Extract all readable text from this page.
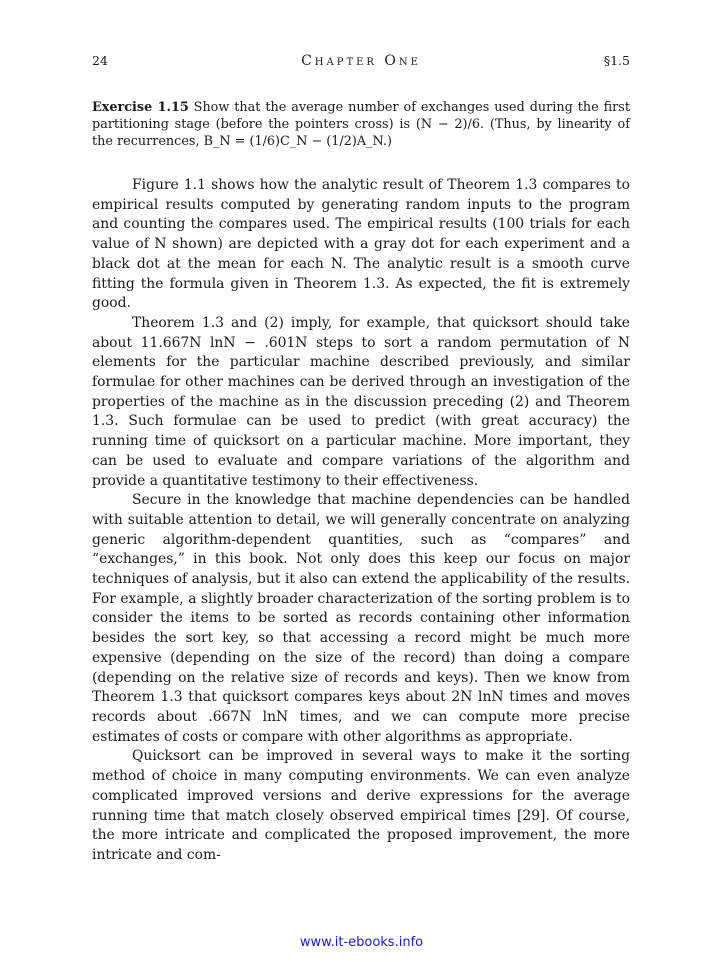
24	Chapter One	§1.5
Exercise 1.15 Show that the average number of exchanges used during the first partitioning stage (before the pointers cross) is (N − 2)/6. (Thus, by linearity of the recurrences, B_N = (1/6)C_N − (1/2)A_N.)

Figure 1.1 shows how the analytic result of Theorem 1.3 compares to empirical results computed by generating random inputs to the program and counting the compares used. The empirical results (100 trials for each value of N shown) are depicted with a gray dot for each experiment and a black dot at the mean for each N. The analytic result is a smooth curve fitting the formula given in Theorem 1.3. As expected, the fit is extremely good.

Theorem 1.3 and (2) imply, for example, that quicksort should take about 11.667N lnN − .601N steps to sort a random permutation of N elements for the particular machine described previously, and similar formulae for other machines can be derived through an investigation of the properties of the machine as in the discussion preceding (2) and Theorem 1.3. Such formulae can be used to predict (with great accuracy) the running time of quicksort on a particular machine. More important, they can be used to evaluate and compare variations of the algorithm and provide a quantitative testimony to their effectiveness.

Secure in the knowledge that machine dependencies can be handled with suitable attention to detail, we will generally concentrate on analyzing generic algorithm-dependent quantities, such as “compares” and “exchanges,” in this book. Not only does this keep our focus on major techniques of analysis, but it also can extend the applicability of the results. For example, a slightly broader characterization of the sorting problem is to consider the items to be sorted as records containing other information besides the sort key, so that accessing a record might be much more expensive (depending on the size of the record) than doing a compare (depending on the relative size of records and keys). Then we know from Theorem 1.3 that quicksort compares keys about 2N lnN times and moves records about .667N lnN times, and we can compute more precise estimates of costs or compare with other algorithms as appropriate.

Quicksort can be improved in several ways to make it the sorting method of choice in many computing environments. We can even analyze complicated improved versions and derive expressions for the average running time that match closely observed empirical times [29]. Of course, the more intricate and complicated the proposed improvement, the more intricate and com-

www.it-ebooks.info
